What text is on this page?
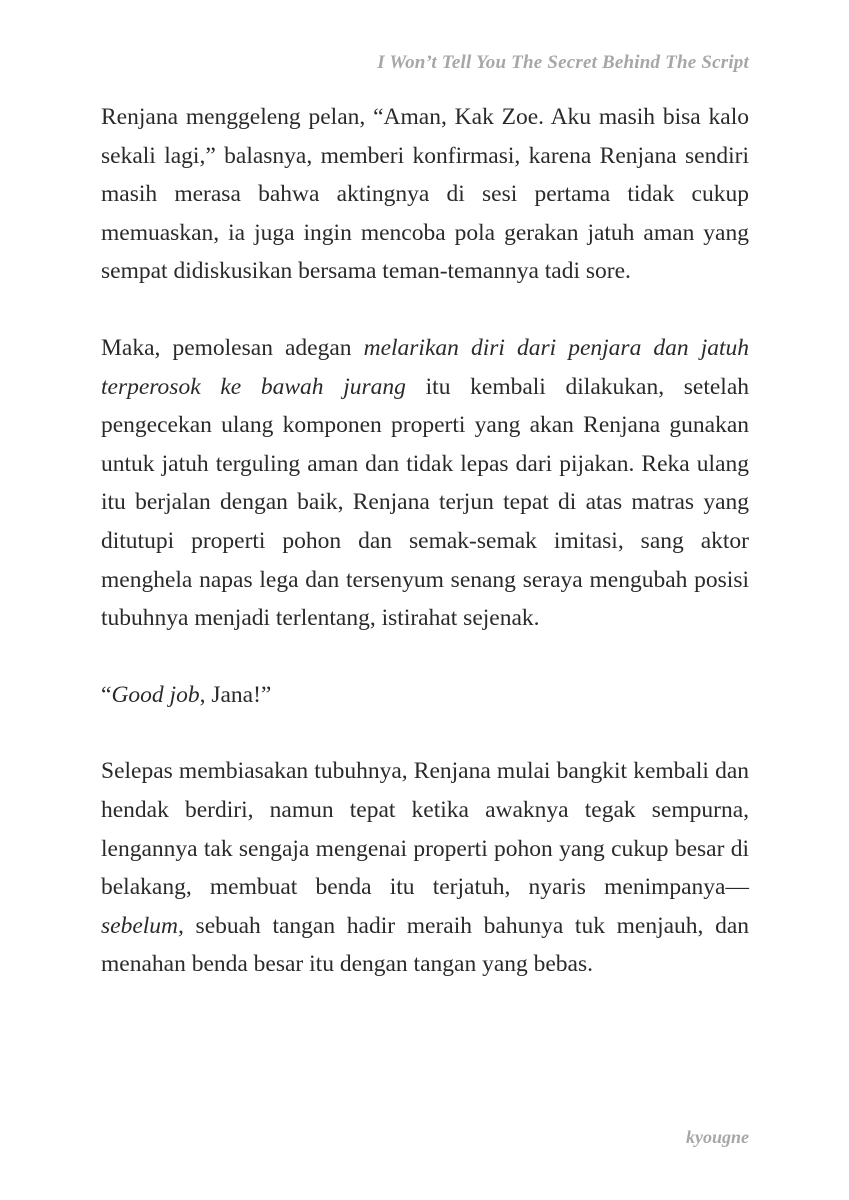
I Won’t Tell You The Secret Behind The Script

Renjana menggeleng pelan, “Aman, Kak Zoe. Aku masih bisa kalo sekali lagi,” balasnya, memberi konfirmasi, karena Renjana sendiri masih merasa bahwa aktingnya di sesi pertama tidak cukup memuaskan, ia juga ingin mencoba pola gerakan jatuh aman yang sempat didiskusikan bersama teman-temannya tadi sore.

Maka, pemolesan adegan melarikan diri dari penjara dan jatuh terperosok ke bawah jurang itu kembali dilakukan, setelah pengecekan ulang komponen properti yang akan Renjana gunakan untuk jatuh terguling aman dan tidak lepas dari pijakan. Reka ulang itu berjalan dengan baik, Renjana terjun tepat di atas matras yang ditutupi properti pohon dan semak-semak imitasi, sang aktor menghela napas lega dan tersenyum senang seraya mengubah posisi tubuhnya menjadi terlentang, istirahat sejenak.

“Good job, Jana!”

Selepas membiasakan tubuhnya, Renjana mulai bangkit kembali dan hendak berdiri, namun tepat ketika awaknya tegak sempurna, lengannya tak sengaja mengenai properti pohon yang cukup besar di belakang, membuat benda itu terjatuh, nyaris menimpanya—sebelum, sebuah tangan hadir meraih bahunya tuk menjauh, dan menahan benda besar itu dengan tangan yang bebas.

kyougne
